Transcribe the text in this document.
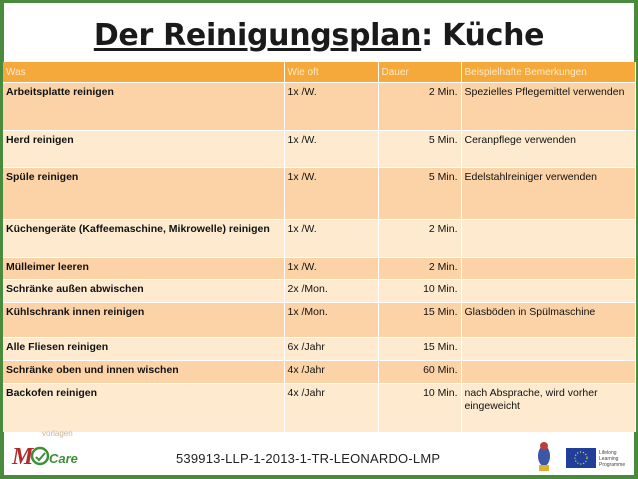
Der Reinigungsplan: Küche
Was	Wie oft	Dauer	Beispielhafte Bemerkungen
Arbeitsplatte reinigen	1x /W.	2 Min.	Spezielles Pflegemittel verwenden
Herd reinigen	1x /W.	5 Min.	Ceranpflege verwenden
Spüle reinigen	1x /W.	5 Min.	Edelstahlreiniger verwenden
Küchengeräte (Kaffeemaschine, Mikrowelle) reinigen	1x /W.	2 Min.	
Mülleimer leeren	1x /W.	2 Min.	
Schränke außen abwischen	2x /Mon.	10 Min.	
Kühlschrank innen reinigen	1x /Mon.	15 Min.	Glasböden in Spülmaschine
Alle Fliesen reinigen	6x /Jahr	15 Min.	
Schränke oben und innen wischen	4x /Jahr	60 Min.	
Backofen reinigen	4x /Jahr	10 Min.	nach Absprache, wird vorher eingeweicht
vorlagen
M Care	539913-LLP-1-2013-1-TR-LEONARDO-LMP	Lifelong
Learning
Programme
